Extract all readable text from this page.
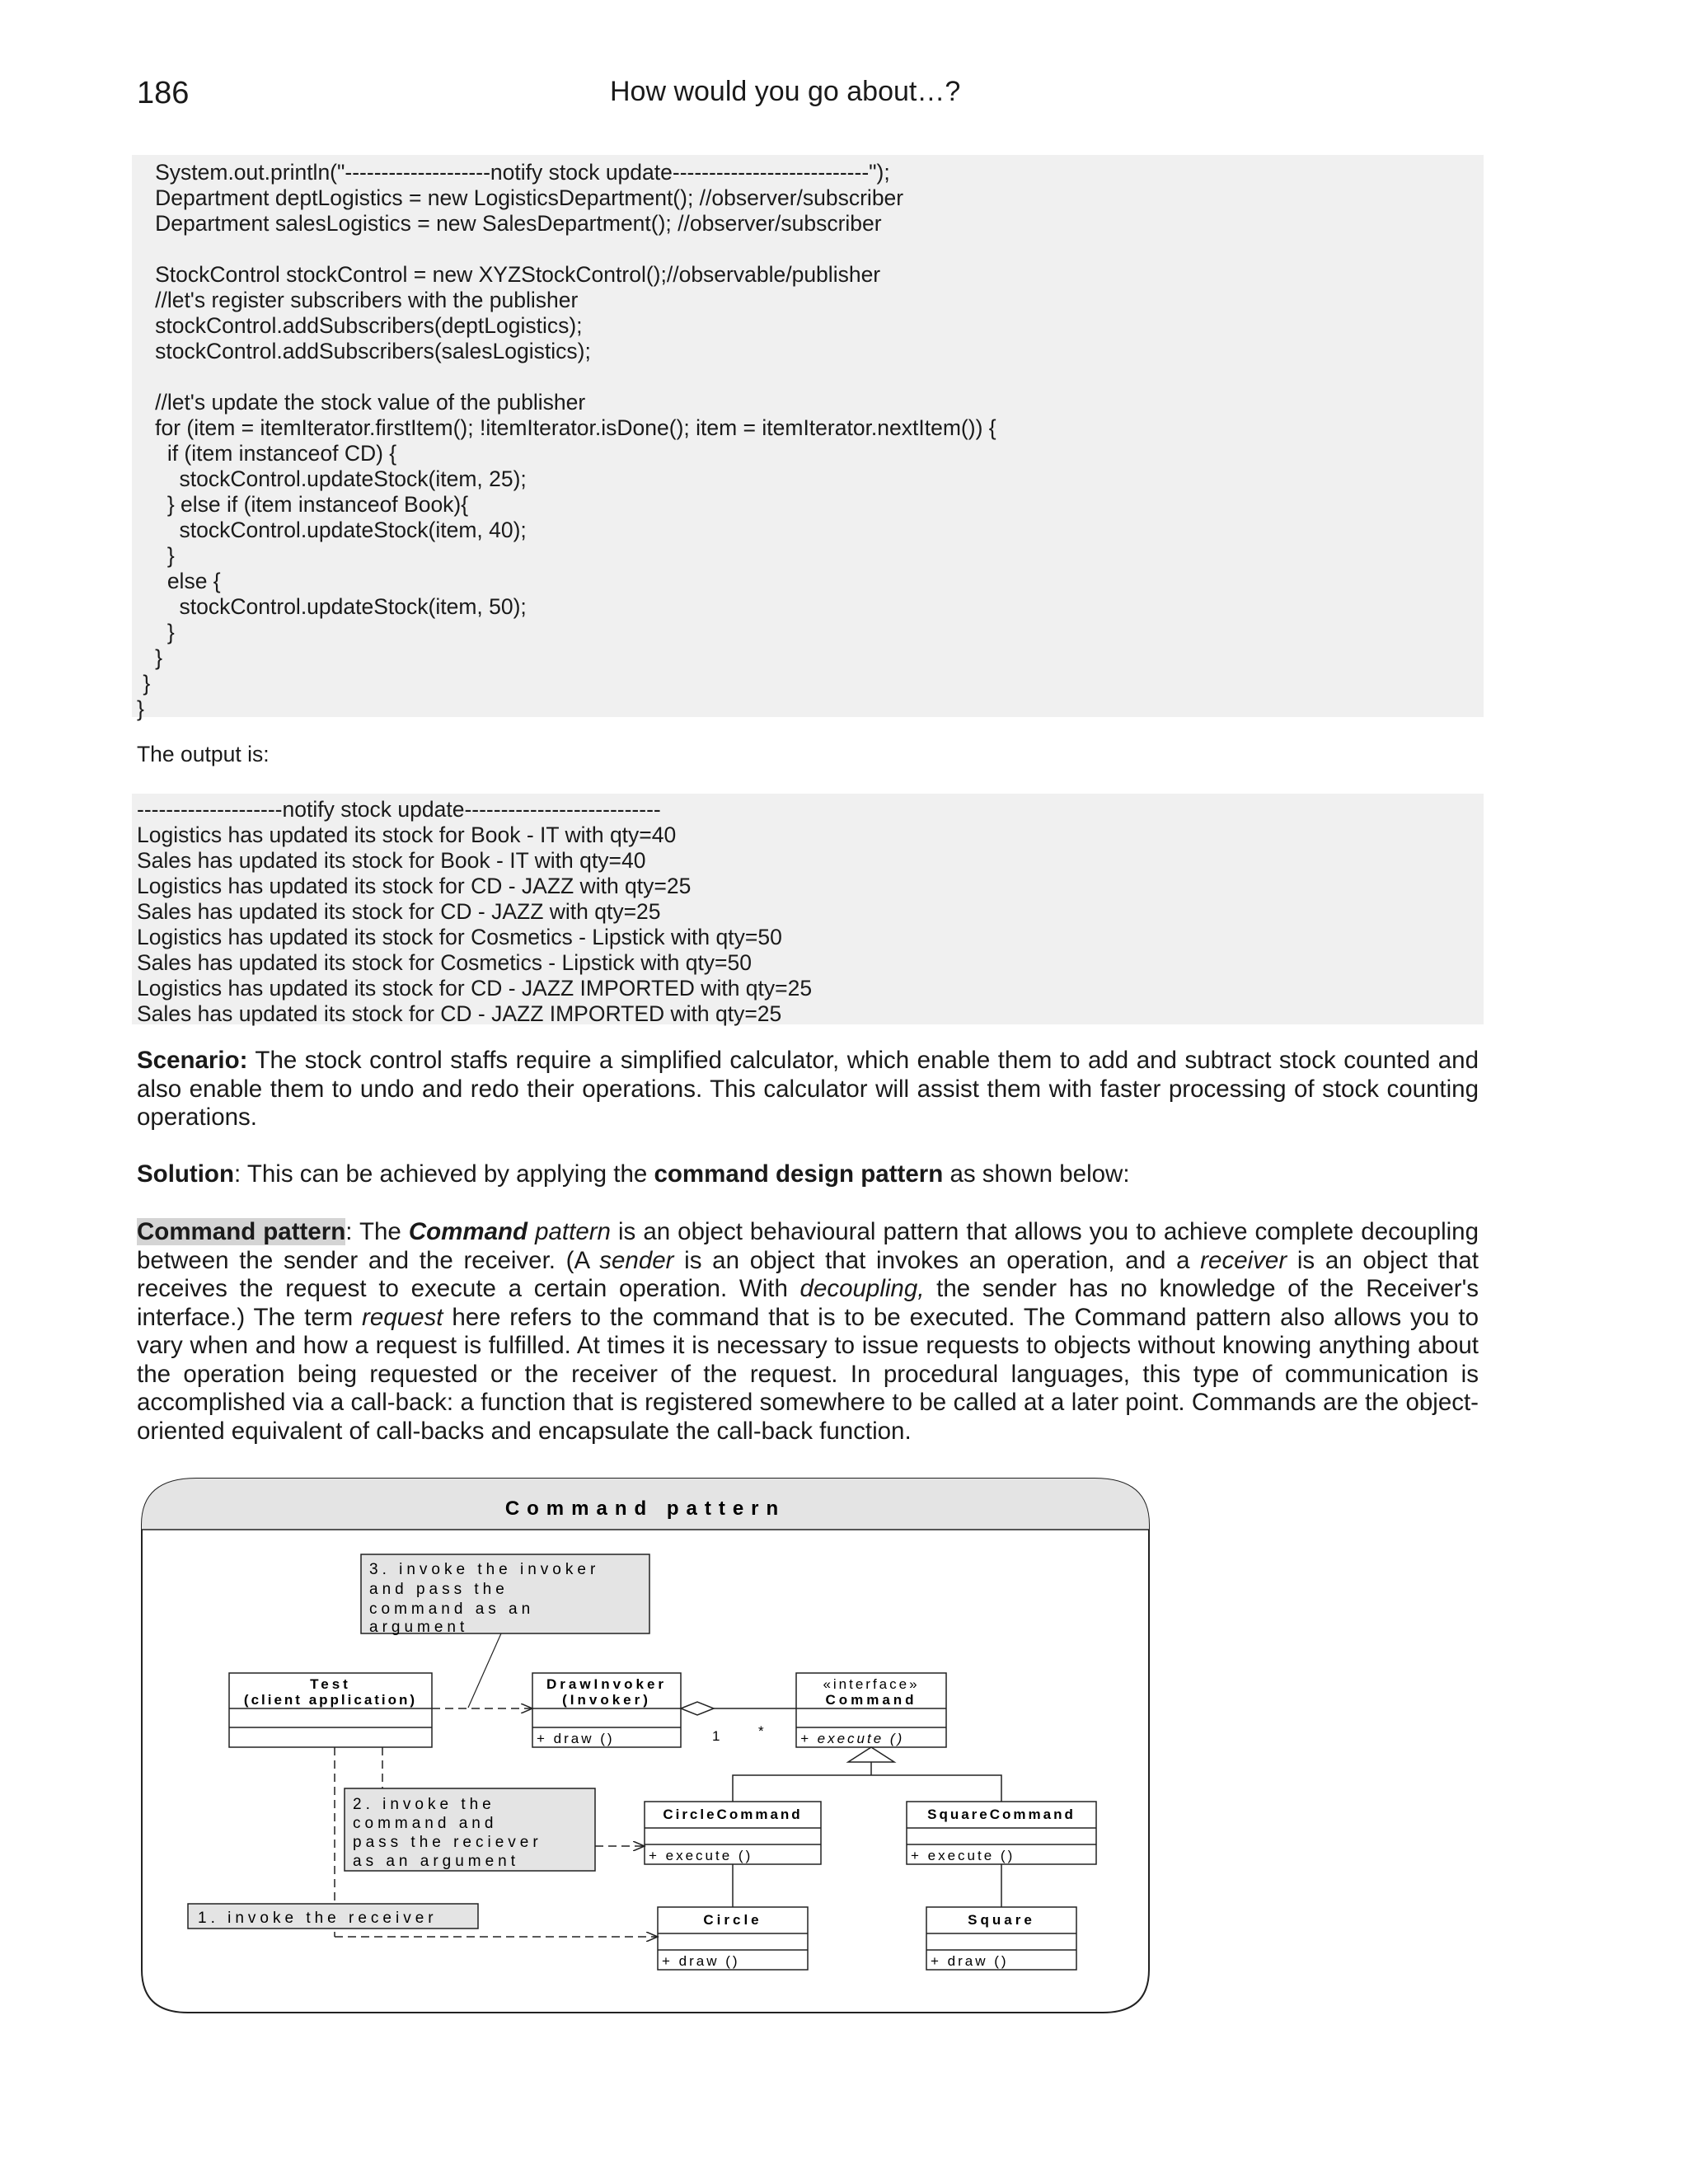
186	How would you go about…?
System.out.println("--------------------notify stock update---------------------------");
Department deptLogistics = new LogisticsDepartment(); //observer/subscriber
Department salesLogistics = new SalesDepartment(); //observer/subscriber

StockControl stockControl = new XYZStockControl();//observable/publisher
//let's register subscribers with the publisher
stockControl.addSubscribers(deptLogistics);
stockControl.addSubscribers(salesLogistics);

//let's update the stock value of the publisher
for (item = itemIterator.firstItem(); !itemIterator.isDone(); item = itemIterator.nextItem()) {
if (item instanceof CD) {
stockControl.updateStock(item, 25);
} else if (item instanceof Book){
stockControl.updateStock(item, 40);
}
else {
stockControl.updateStock(item, 50);
}
}
}
}

The output is:
--------------------notify stock update---------------------------
Logistics has updated its stock for Book - IT with qty=40
Sales has updated its stock for Book - IT with qty=40
Logistics has updated its stock for CD - JAZZ with qty=25
Sales has updated its stock for CD - JAZZ with qty=25
Logistics has updated its stock for Cosmetics - Lipstick with qty=50
Sales has updated its stock for Cosmetics - Lipstick with qty=50
Logistics has updated its stock for CD - JAZZ IMPORTED with qty=25
Sales has updated its stock for CD - JAZZ IMPORTED with qty=25

Scenario: The stock control staffs require a simplified calculator, which enable them to add and subtract stock counted and also enable them to undo and redo their operations. This calculator will assist them with faster processing of stock counting operations.
Solution: This can be achieved by applying the command design pattern as shown below:
Command pattern: The Command pattern is an object behavioural pattern that allows you to achieve complete decoupling between the sender and the receiver. (A sender is an object that invokes an operation, and a receiver is an object that receives the request to execute a certain operation. With decoupling, the sender has no knowledge of the Receiver's interface.) The term request here refers to the command that is to be executed. The Command pattern also allows you to vary when and how a request is fulfilled. At times it is necessary to issue requests to objects without knowing anything about the operation being requested or the receiver of the request. In procedural languages, this type of communication is accomplished via a call-back: a function that is registered somewhere to be called at a later point. Commands are the object-oriented equivalent of call-backs and encapsulate the call-back function.
Command pattern
3. invoke the invoker
and pass the
command as an
argument
Test
(client application)
DrawInvoker
(Invoker)
+ draw ()
«interface»
Command
+ execute ()
1	*
CircleCommand
+ execute ()
SquareCommand
+ execute ()
2. invoke the
command and
pass the reciever
as an argument
Circle
+ draw ()
Square
+ draw ()
1. invoke the receiver
